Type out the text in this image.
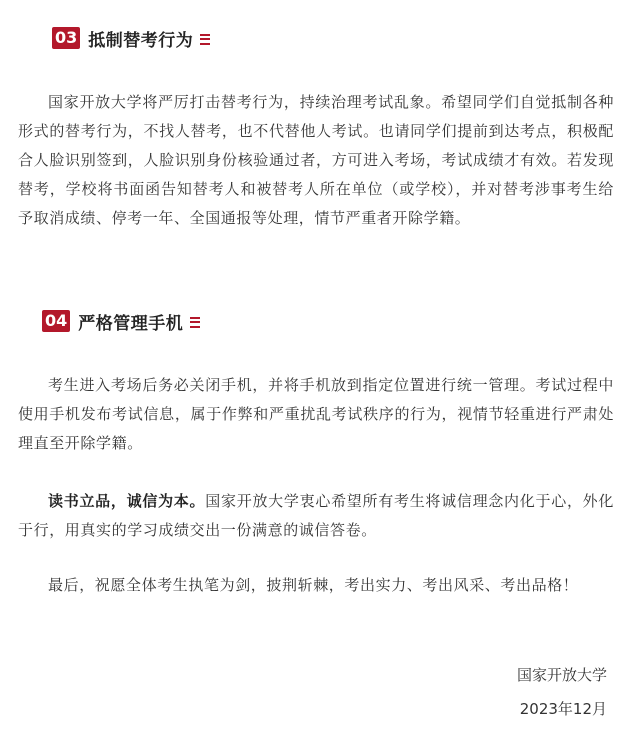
03 抵制替考行为

国家开放大学将严厉打击替考行为，持续治理考试乱象。希望同学们自觉抵制各种形式的替考行为，不找人替考，也不代替他人考试。也请同学们提前到达考点，积极配合人脸识别签到，人脸识别身份核验通过者，方可进入考场，考试成绩才有效。若发现替考，学校将书面函告知替考人和被替考人所在单位（或学校），并对替考涉事考生给予取消成绩、停考一年、全国通报等处理，情节严重者开除学籍。

04 严格管理手机

考生进入考场后务必关闭手机，并将手机放到指定位置进行统一管理。考试过程中使用手机发布考试信息，属于作弊和严重扰乱考试秩序的行为，视情节轻重进行严肃处理直至开除学籍。

读书立品，诚信为本。国家开放大学衷心希望所有考生将诚信理念内化于心，外化于行，用真实的学习成绩交出一份满意的诚信答卷。

最后，祝愿全体考生执笔为剑，披荆斩棘，考出实力、考出风采、考出品格！

国家开放大学
2023年12月
